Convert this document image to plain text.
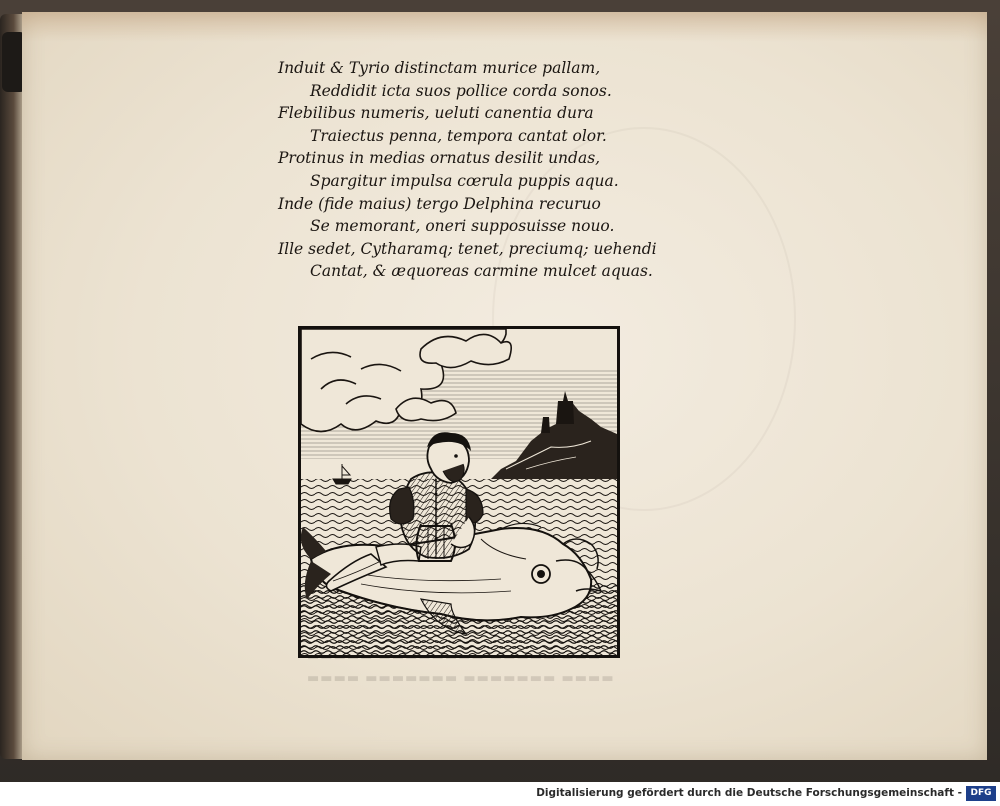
▬▬▬▬ ▬▬▬▬▬▬▬ ▬▬▬▬▬▬▬ ▬▬▬▬
Induit & Tyrio distinctam murice pallam,
Reddidit icta suos pollice corda sonos.
Flebilibus numeris, ueluti canentia dura
Traiectus penna, tempora cantat olor.
Protinus in medias ornatus desilit undas,
Spargitur impulsa cœrula puppis aqua.
Inde (fide maius) tergo Delphina recuruo
Se memorant, oneri supposuisse nouo.
Ille sedet, Cytharamq; tenet, preciumq; uehendi
Cantat, & æquoreas carmine mulcet aquas.
Digitalisierung gefördert durch die Deutsche Forschungsgemeinschaft - DFG
